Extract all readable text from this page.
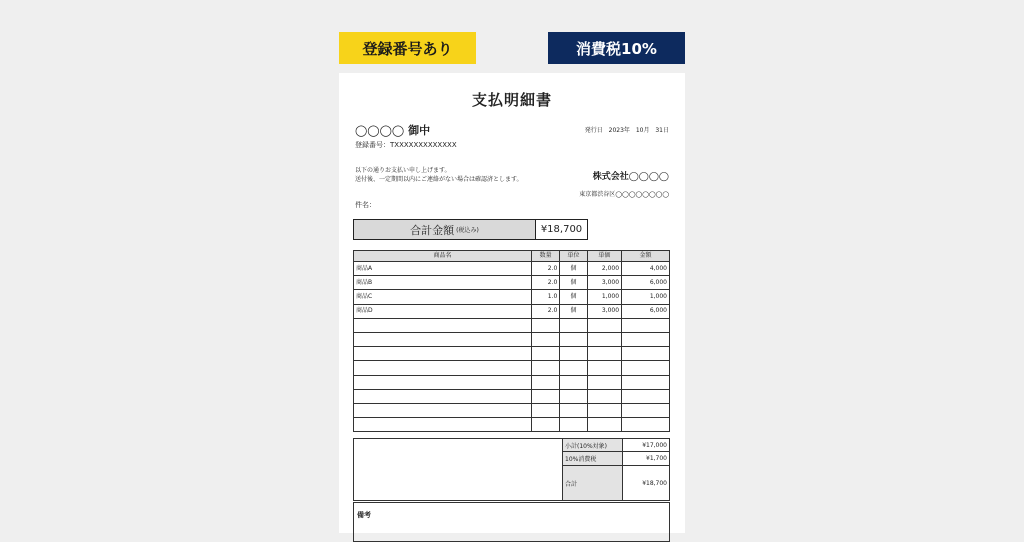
登録番号あり	消費税10%
支払明細書
◯◯◯◯ 御中
登録番号：TXXXXXXXXXXXXX
発行日 2023年 10月 31日
以下の通りお支払い申し上げます。
送付後、一定期間以内にご連絡がない場合は確認済とします。	株式会社◯◯◯◯
東京都渋谷区◯◯◯◯◯◯◯◯
件名：
合計金額 (税込み)	¥18,700
商品名	数量	単位	単価	金額
商品A	2.0	個	2,000	4,000
商品B	2.0	個	3,000	6,000
商品C	1.0	個	1,000	1,000
商品D	2.0	個	3,000	6,000

	小計(10%対象)	¥17,000
	10%消費税	¥1,700
	合計	¥18,700
備考
